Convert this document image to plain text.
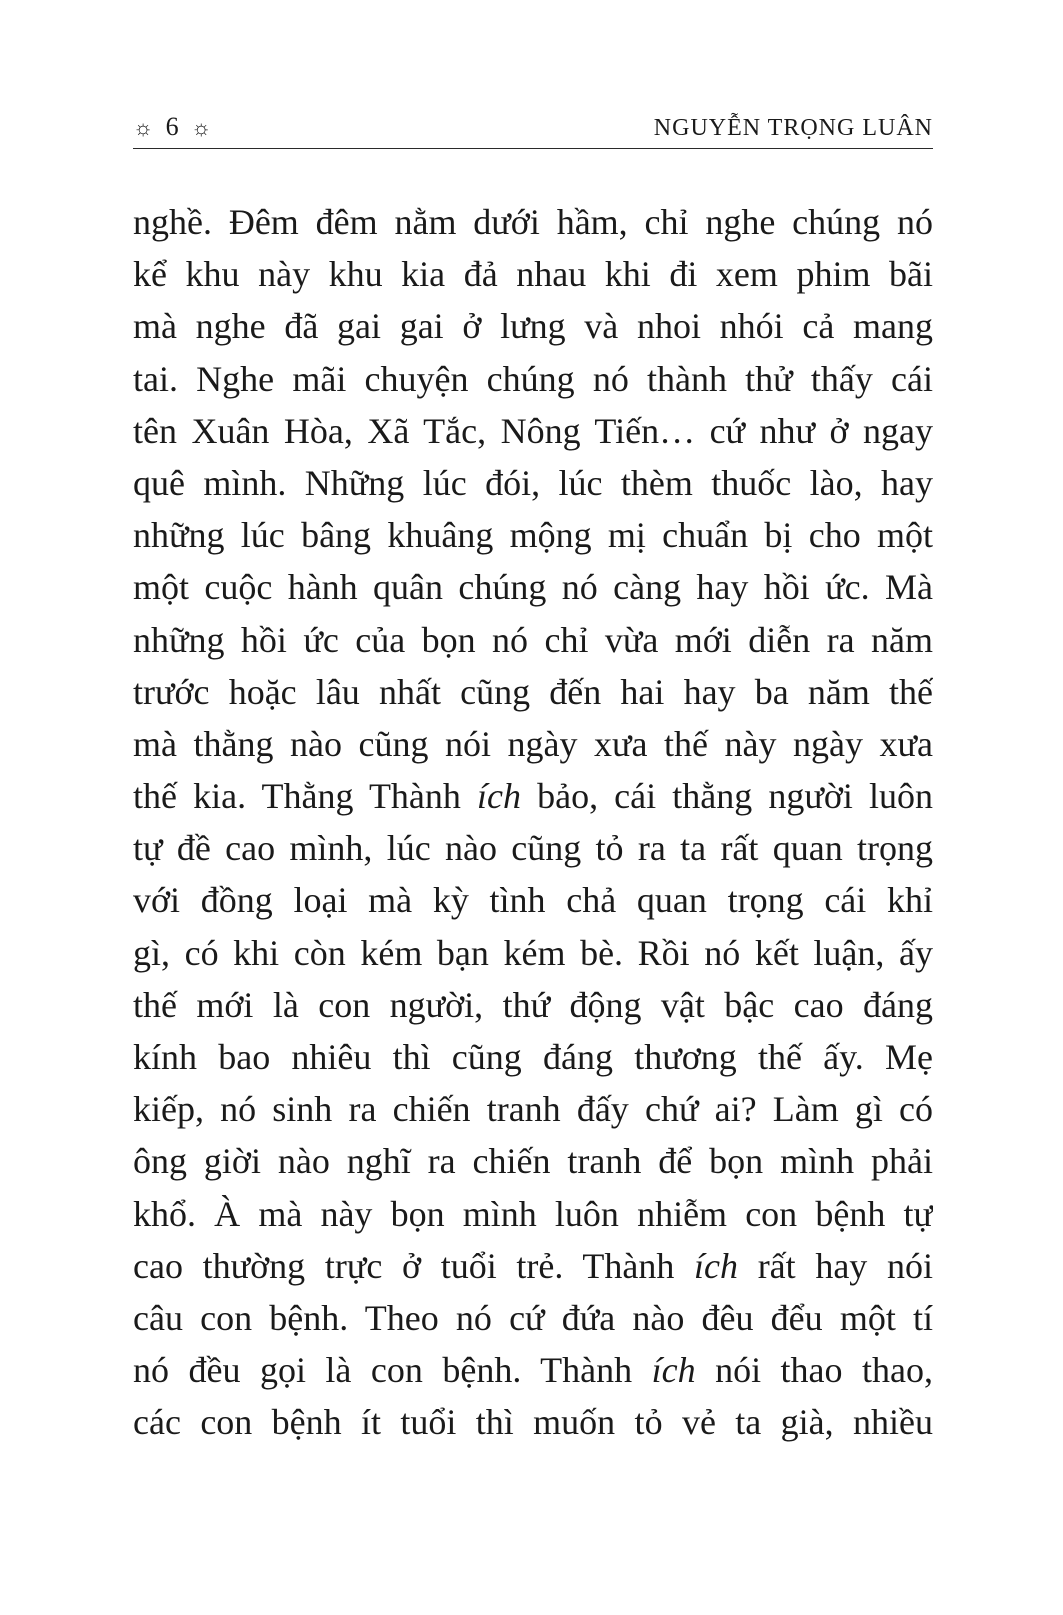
☼ 6 ☼	NGUYỄN TRỌNG LUÂN
nghề. Đêm đêm nằm dưới hầm, chỉ nghe chúng nó
kể khu này khu kia đả nhau khi đi xem phim bãi
mà nghe đã gai gai ở lưng và nhoi nhói cả mang
tai. Nghe mãi chuyện chúng nó thành thử thấy cái
tên Xuân Hòa, Xã Tắc, Nông Tiến… cứ như ở ngay
quê mình. Những lúc đói, lúc thèm thuốc lào, hay
những lúc bâng khuâng mộng mị chuẩn bị cho một
một cuộc hành quân chúng nó càng hay hồi ức. Mà
những hồi ức của bọn nó chỉ vừa mới diễn ra năm
trước hoặc lâu nhất cũng đến hai hay ba năm thế
mà thằng nào cũng nói ngày xưa thế này ngày xưa
thế kia. Thằng Thành ích bảo, cái thằng người luôn
tự đề cao mình, lúc nào cũng tỏ ra ta rất quan trọng
với đồng loại mà kỳ tình chả quan trọng cái khỉ
gì, có khi còn kém bạn kém bè. Rồi nó kết luận, ấy
thế mới là con người, thứ động vật bậc cao đáng
kính bao nhiêu thì cũng đáng thương thế ấy. Mẹ
kiếp, nó sinh ra chiến tranh đấy chứ ai? Làm gì có
ông giời nào nghĩ ra chiến tranh để bọn mình phải
khổ. À mà này bọn mình luôn nhiễm con bệnh tự
cao thường trực ở tuổi trẻ. Thành ích rất hay nói
câu con bệnh. Theo nó cứ đứa nào đêu đểu một tí
nó đều gọi là con bệnh. Thành ích nói thao thao,
các con bệnh ít tuổi thì muốn tỏ vẻ ta già, nhiều
